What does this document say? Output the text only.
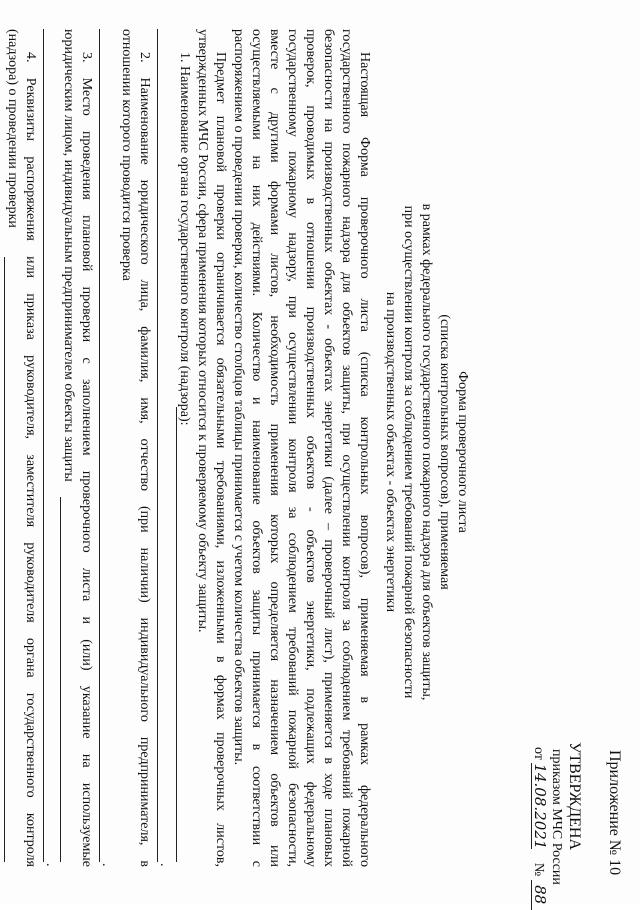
Приложение № 10
УТВЕРЖДЕНА
приказом МЧС России
от 14.08.2021 № 88
Форма проверочного листа
(списка контрольных вопросов), применяемая
в рамках федерального государственного пожарного надзора для объектов защиты,
при осуществлении контроля за соблюдением требований пожарной безопасности
на производственных объектах - объектах энергетики
Настоящая Форма проверочного листа (списка контрольных вопросов), применяемая в рамках федерального
государственного пожарного надзора для объектов защиты, при осуществлении контроля за соблюдением требований пожарной
безопасности на производственных объектах - объектах энергетики (далее – проверочный лист), применяется в ходе плановых
проверок, проводимых в отношении производственных объектов - объектов энергетики, подлежащих федеральному
государственному пожарному надзору, при осуществлении контроля за соблюдением требований пожарной безопасности,
вместе с другими формами листов, необходимость применения которых определяется назначением объектов или
осуществляемыми на них действиями. Количество и наименование объектов защиты принимается в соответствии с
распоряжением о проведении проверки, количество столбцов таблицы принимается с учетом количества объектов защиты.
Предмет плановой проверки ограничивается обязательными требованиями, изложенными в формах проверочных листов,
утвержденных МЧС России, сфера применения которых относится к проверяемому объекту защиты.
1. Наименование органа государственного контроля (надзора):
.
2. Наименование юридического лица, фамилия, имя, отчество (при наличии) индивидуального предпринимателя, в
отношении которого проводится проверка
.
3. Место проведения плановой проверки с заполнением проверочного листа и (или) указание на используемые
юридическим лицом, индивидуальным предпринимателем объекты защиты
.
4. Реквизиты распоряжения или приказа руководителя, заместителя руководителя органа государственного контроля
(надзора) о проведении проверки
